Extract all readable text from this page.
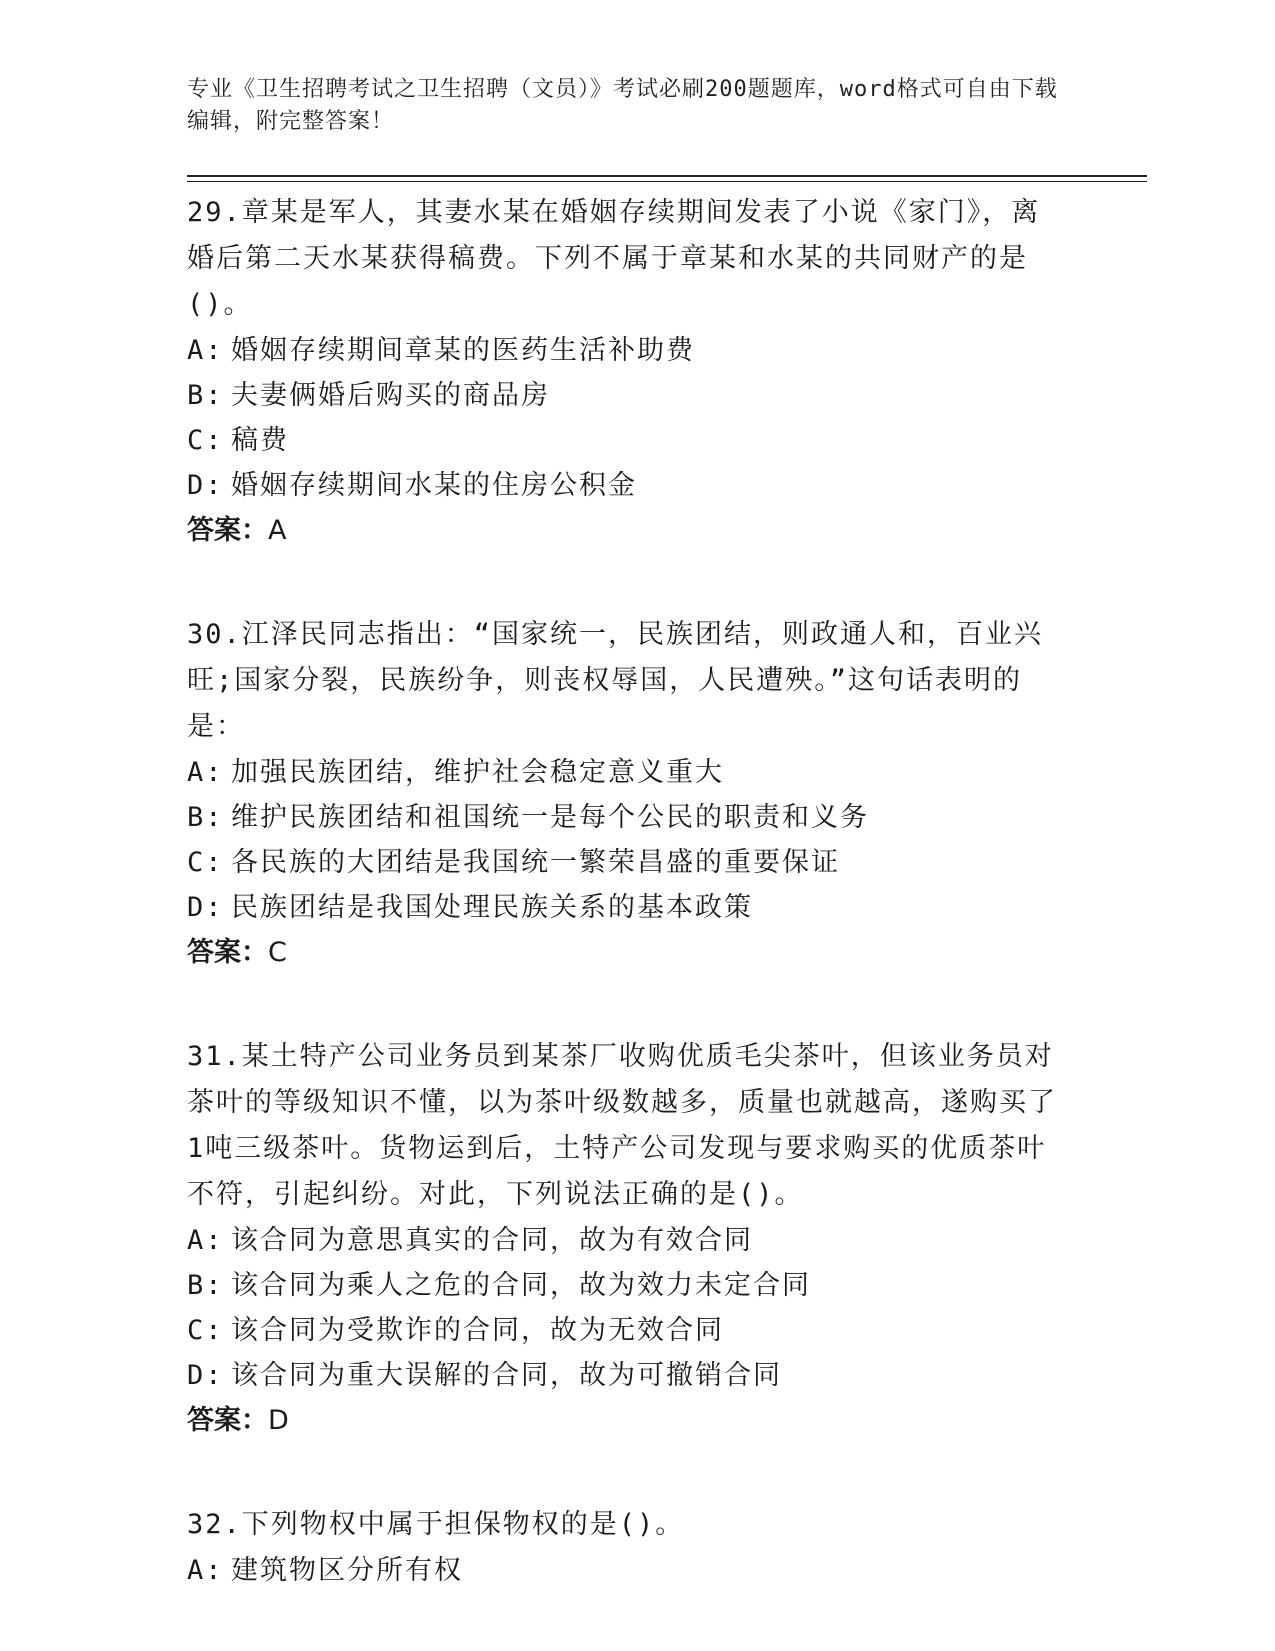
专业《卫生招聘考试之卫生招聘（文员）》考试必刷200题题库，word格式可自由下载编辑，附完整答案！

29.章某是军人，其妻水某在婚姻存续期间发表了小说《家门》，离婚后第二天水某获得稿费。下列不属于章某和水某的共同财产的是()。

A: 婚姻存续期间章某的医药生活补助费
B: 夫妻俩婚后购买的商品房
C: 稿费
D: 婚姻存续期间水某的住房公积金
答案：A

30.江泽民同志指出：“国家统一，民族团结，则政通人和，百业兴旺;国家分裂，民族纷争，则丧权辱国，人民遭殃。”这句话表明的是：

A: 加强民族团结，维护社会稳定意义重大
B: 维护民族团结和祖国统一是每个公民的职责和义务
C: 各民族的大团结是我国统一繁荣昌盛的重要保证
D: 民族团结是我国处理民族关系的基本政策
答案：C

31.某土特产公司业务员到某茶厂收购优质毛尖茶叶，但该业务员对茶叶的等级知识不懂，以为茶叶级数越多，质量也就越高，遂购买了1吨三级茶叶。货物运到后，土特产公司发现与要求购买的优质茶叶不符，引起纠纷。对此，下列说法正确的是()。

A: 该合同为意思真实的合同，故为有效合同
B: 该合同为乘人之危的合同，故为效力未定合同
C: 该合同为受欺诈的合同，故为无效合同
D: 该合同为重大误解的合同，故为可撤销合同
答案：D

32.下列物权中属于担保物权的是()。

A: 建筑物区分所有权
